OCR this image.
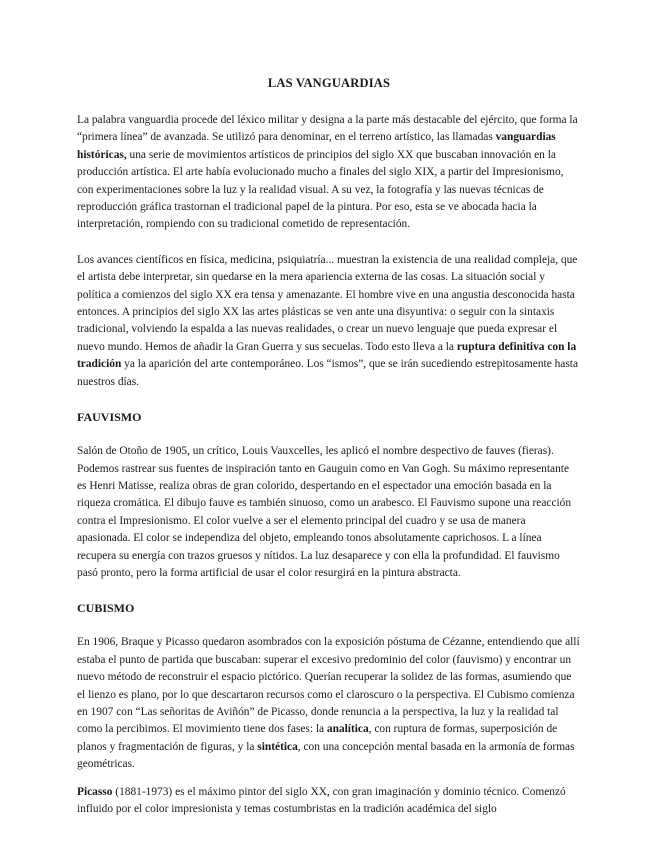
LAS VANGUARDIAS

La palabra vanguardia procede del léxico militar y designa a la parte más destacable del ejército, que forma la “primera línea” de avanzada. Se utilizó para denominar, en el terreno artístico, las llamadas vanguardias históricas, una serie de movimientos artísticos de principios del siglo XX que buscaban innovación en la producción artística. El arte había evolucionado mucho a finales del siglo XIX, a partir del Impresionismo, con experimentaciones sobre la luz y la realidad visual. A su vez, la fotografía y las nuevas técnicas de reproducción gráfica trastornan el tradicional papel de la pintura. Por eso, esta se ve abocada hacia la interpretación, rompiendo con su tradicional cometido de representación.

Los avances científicos en física, medicina, psiquiatría... muestran la existencia de una realidad compleja, que el artista debe interpretar, sin quedarse en la mera apariencia externa de las cosas. La situación social y política a comienzos del siglo XX era tensa y amenazante. El hombre vive en una angustia desconocida hasta entonces. A principios del siglo XX las artes plásticas se ven ante una disyuntiva: o seguir con la sintaxis tradicional, volviendo la espalda a las nuevas realidades, o crear un nuevo lenguaje que pueda expresar el nuevo mundo. Hemos de añadir la Gran Guerra y sus secuelas. Todo esto lleva a la ruptura definitiva con la tradición ya la aparición del arte contemporáneo. Los “ismos”, que se irán sucediendo estrepitosamente hasta nuestros días.

FAUVISMO

Salón de Otoño de 1905, un crítico, Louis Vauxcelles, les aplicó el nombre despectivo de fauves (fieras). Podemos rastrear sus fuentes de inspiración tanto en Gauguin como en Van Gogh. Su máximo representante es Henri Matisse, realiza obras de gran colorido, despertando en el espectador una emoción basada en la riqueza cromática. El dibujo fauve es también sinuoso, como un arabesco. El Fauvismo supone una reacción contra el Impresionismo. El color vuelve a ser el elemento principal del cuadro y se usa de manera apasionada. El color se independiza del objeto, empleando tonos absolutamente caprichosos. L a línea recupera su energía con trazos gruesos y nítidos. La luz desaparece y con ella la profundidad. El fauvismo pasó pronto, pero la forma artificial de usar el color resurgirá en la pintura abstracta.

CUBISMO

En 1906, Braque y Picasso quedaron asombrados con la exposición póstuma de Cézanne, entendiendo que allí estaba el punto de partida que buscaban: superar el excesivo predominio del color (fauvismo) y encontrar un nuevo método de reconstruir el espacio pictórico. Querían recuperar la solidez de las formas, asumiendo que el lienzo es plano, por lo que descartaron recursos como el claroscuro o la perspectiva. El Cubismo comienza en 1907 con “Las señoritas de Aviñón” de Picasso, donde renuncia a la perspectiva, la luz y la realidad tal como la percibimos. El movimiento tiene dos fases: la analítica, con ruptura de formas, superposición de planos y fragmentación de figuras, y la sintética, con una concepción mental basada en la armonía de formas geométricas.

Picasso (1881-1973) es el máximo pintor del siglo XX, con gran imaginación y dominio técnico. Comenzó influido por el color impresionista y temas costumbristas en la tradición académica del siglo
